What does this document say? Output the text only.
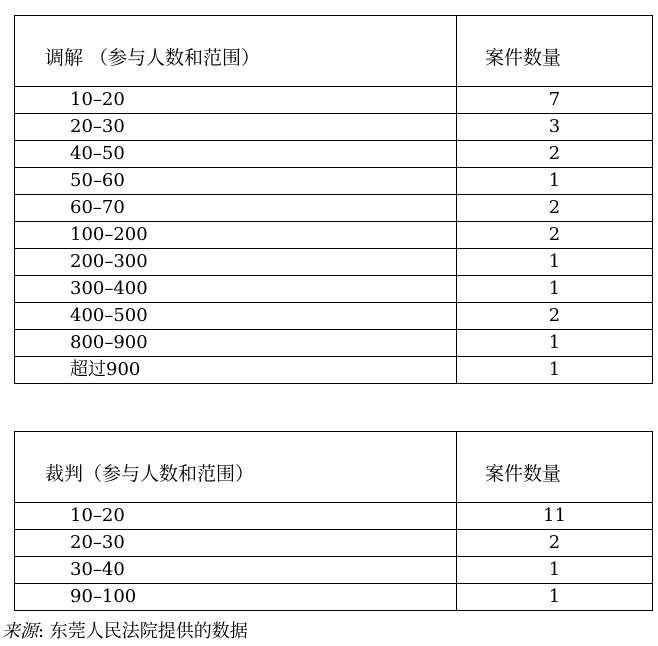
调解 （参与人数和范围）	案件数量

10–20	7
20–30	3
40–50	2
50–60	1
60–70	2
100–200	2
200–300	1
300–400	1
400–500	2
800–900	1
超过900	1
裁判（参与人数和范围）	案件数量

10–20	11
20–30	2
30–40	1
90–100	1
来源: 东莞人民法院提供的数据
